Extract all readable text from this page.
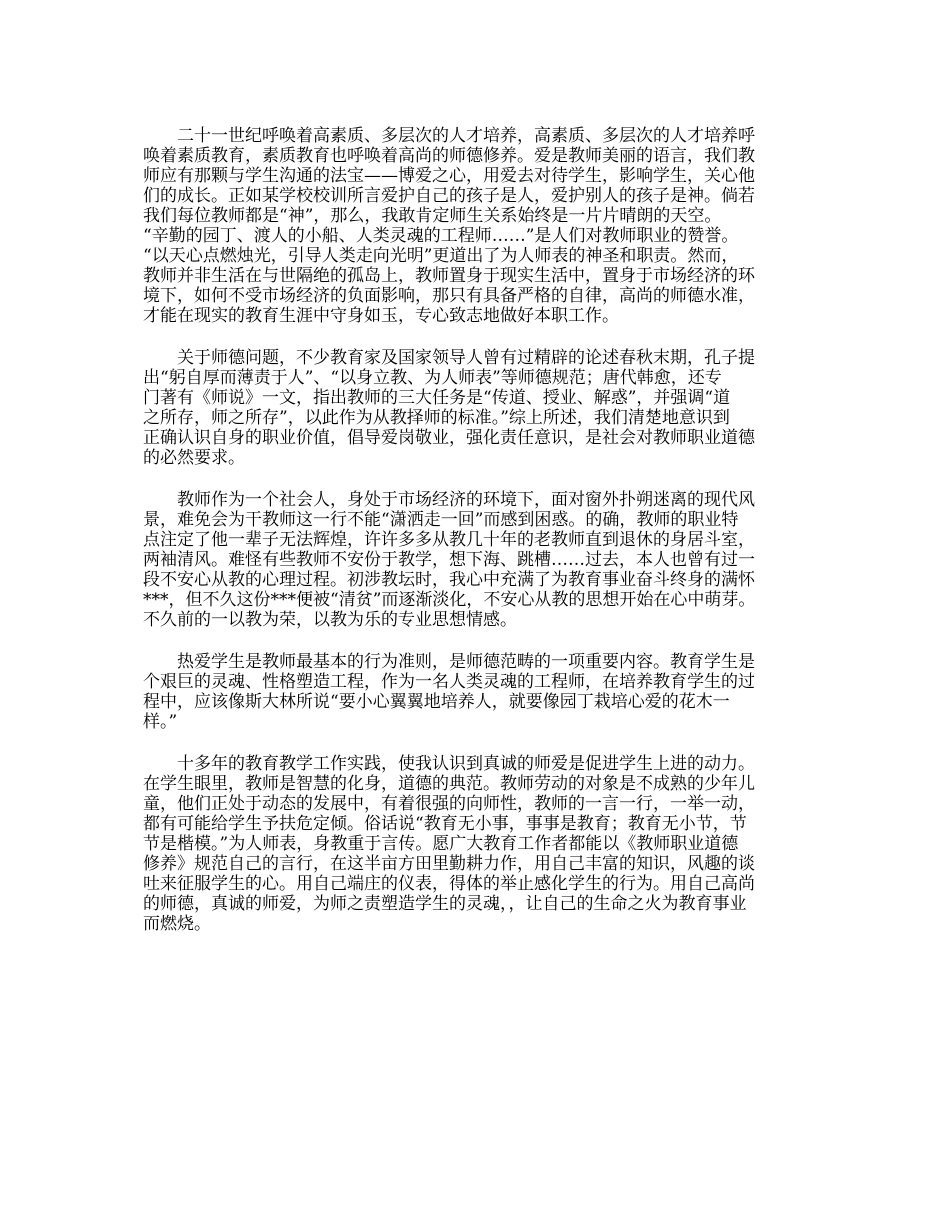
二十一世纪呼唤着高素质、多层次的人才培养，高素质、多层次的人才培养呼
唤着素质教育，素质教育也呼唤着高尚的师德修养。爱是教师美丽的语言，我们教
师应有那颗与学生沟通的法宝——博爱之心，用爱去对待学生，影响学生，关心他
们的成长。正如某学校校训所言爱护自己的孩子是人，爱护别人的孩子是神。倘若
我们每位教师都是“神”，那么，我敢肯定师生关系始终是一片片晴朗的天空。
“辛勤的园丁、渡人的小船、人类灵魂的工程师……”是人们对教师职业的赞誉。
“以天心点燃烛光，引导人类走向光明”更道出了为人师表的神圣和职责。然而，
教师并非生活在与世隔绝的孤岛上，教师置身于现实生活中，置身于市场经济的环
境下，如何不受市场经济的负面影响，那只有具备严格的自律，高尚的师德水准，
才能在现实的教育生涯中守身如玉，专心致志地做好本职工作。

关于师德问题，不少教育家及国家领导人曾有过精辟的论述春秋末期，孔子提
出“躬自厚而薄责于人”、“以身立教、为人师表”等师德规范；唐代韩愈，还专
门著有《师说》一文，指出教师的三大任务是“传道、授业、解惑”，并强调“道
之所存，师之所存”，以此作为从教择师的标准。”综上所述，我们清楚地意识到
正确认识自身的职业价值，倡导爱岗敬业，强化责任意识，是社会对教师职业道德
的必然要求。

教师作为一个社会人，身处于市场经济的环境下，面对窗外扑朔迷离的现代风
景，难免会为干教师这一行不能“潇洒走一回”而感到困惑。的确，教师的职业特
点注定了他一辈子无法辉煌，许许多多从教几十年的老教师直到退休的身居斗室，
两袖清风。难怪有些教师不安份于教学，想下海、跳槽……过去，本人也曾有过一
段不安心从教的心理过程。初涉教坛时，我心中充满了为教育事业奋斗终身的满怀
***，但不久这份***便被“清贫”而逐渐淡化，不安心从教的思想开始在心中萌芽。
不久前的一以教为荣，以教为乐的专业思想情感。

热爱学生是教师最基本的行为准则，是师德范畴的一项重要内容。教育学生是
个艰巨的灵魂、性格塑造工程，作为一名人类灵魂的工程师，在培养教育学生的过
程中，应该像斯大林所说“要小心翼翼地培养人，就要像园丁栽培心爱的花木一
样。”

十多年的教育教学工作实践，使我认识到真诚的师爱是促进学生上进的动力。
在学生眼里，教师是智慧的化身，道德的典范。教师劳动的对象是不成熟的少年儿
童，他们正处于动态的发展中，有着很强的向师性，教师的一言一行，一举一动，
都有可能给学生予扶危定倾。俗话说“教育无小事，事事是教育；教育无小节，节
节是楷模。”为人师表，身教重于言传。愿广大教育工作者都能以《教师职业道德
修养》规范自己的言行，在这半亩方田里勤耕力作，用自己丰富的知识，风趣的谈
吐来征服学生的心。用自己端庄的仪表，得体的举止感化学生的行为。用自己高尚
的师德，真诚的师爱，为师之责塑造学生的灵魂，，让自己的生命之火为教育事业
而燃烧。
